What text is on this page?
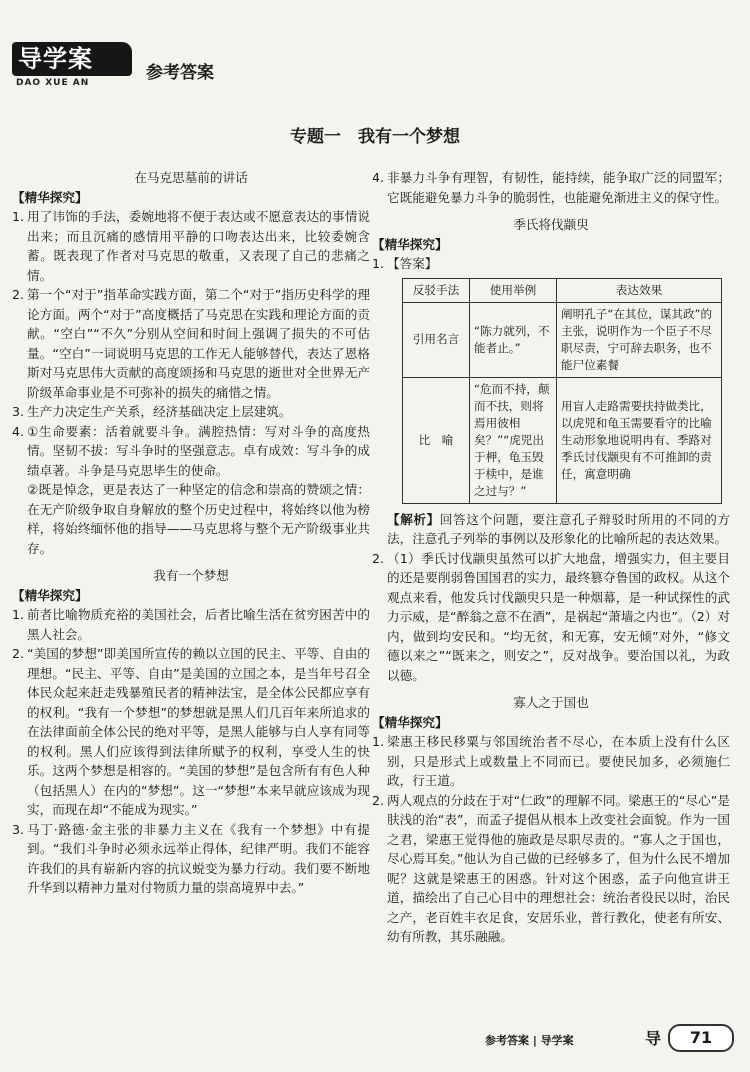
导学案
DAO XUE AN	参考答案
专题一　我有一个梦想

在马克思墓前的讲话

【精华探究】

1. 用了讳饰的手法，委婉地将不便于表达或不愿意表达的事情说出来；而且沉痛的感情用平静的口吻表达出来，比较委婉含蓄。既表现了作者对马克思的敬重，又表现了自己的悲痛之情。

2. 第一个“对于”指革命实践方面，第二个“对于”指历史科学的理论方面。两个“对于”高度概括了马克思在实践和理论方面的贡献。“空白”“不久”分别从空间和时间上强调了损失的不可估量。“空白”一词说明马克思的工作无人能够替代，表达了恩格斯对马克思伟大贡献的高度颂扬和马克思的逝世对全世界无产阶级革命事业是不可弥补的损失的痛惜之情。

3. 生产力决定生产关系，经济基础决定上层建筑。

4. ①生命要素：活着就要斗争。满腔热情：写对斗争的高度热情。坚韧不拔：写斗争时的坚强意志。卓有成效：写斗争的成绩卓著。斗争是马克思毕生的使命。

②既是悼念，更是表达了一种坚定的信念和崇高的赞颂之情：在无产阶级争取自身解放的整个历史过程中，将始终以他为榜样，将始终缅怀他的指导——马克思将与整个无产阶级事业共存。

我有一个梦想

【精华探究】

1. 前者比喻物质充裕的美国社会，后者比喻生活在贫穷困苦中的黑人社会。

2. “美国的梦想”即美国所宣传的赖以立国的民主、平等、自由的理想。“民主、平等、自由”是美国的立国之本，是当年号召全体民众起来赶走残暴殖民者的精神法宝，是全体公民都应享有的权利。“我有一个梦想”的梦想就是黑人们几百年来所追求的在法律面前全体公民的绝对平等，是黑人能够与白人享有同等的权利。黑人们应该得到法律所赋予的权利，享受人生的快乐。这两个梦想是相容的。“美国的梦想”是包含所有有色人种（包括黑人）在内的“梦想”。这一“梦想”本来早就应该成为现实，而现在却“不能成为现实。”

3. 马丁·路德·金主张的非暴力主义在《我有一个梦想》中有提到。“我们斗争时必须永远举止得体，纪律严明。我们不能容许我们的具有崭新内容的抗议蜕变为暴力行动。我们要不断地升华到以精神力量对付物质力量的崇高境界中去。”

4. 非暴力斗争有理智，有韧性，能持续，能争取广泛的同盟军；它既能避免暴力斗争的脆弱性，也能避免渐进主义的保守性。

季氏将伐颛臾

【精华探究】

1. 【答案】

反驳手法	使用举例	表达效果
引用名言	“陈力就列，不能者止。”	阐明孔子“在其位，谋其政”的主张，说明作为一个臣子不尽职尽责，宁可辞去职务，也不能尸位素餐
比　喻	“危而不持，颠而不扶，则将焉用彼相矣？”“虎兕出于柙，龟玉毁于椟中，是谁之过与？”	用盲人走路需要扶持做类比，以虎兕和龟玉需要看守的比喻生动形象地说明冉有、季路对季氏讨伐颛臾有不可推卸的责任，寓意明确

【解析】回答这个问题，要注意孔子辩驳时所用的不同的方法，注意孔子列举的事例以及形象化的比喻所起的表达效果。

2. （1）季氏讨伐颛臾虽然可以扩大地盘，增强实力，但主要目的还是要削弱鲁国国君的实力，最终篡夺鲁国的政权。从这个观点来看，他发兵讨伐颛臾只是一种烟幕，是一种试探性的武力示威，是“醉翁之意不在酒”，是祸起“萧墙之内也”。（2）对内，做到均安民和。“均无贫，和无寡，安无倾”对外，“修文德以来之”“既来之，则安之”，反对战争。要治国以礼，为政以德。

寡人之于国也

【精华探究】

1. 梁惠王移民移粟与邻国统治者不尽心，在本质上没有什么区别，只是形式上或数量上不同而已。要使民加多，必须施仁政，行王道。

2. 两人观点的分歧在于对“仁政”的理解不同。梁惠王的“尽心”是肤浅的治“表”，而孟子提倡从根本上改变社会面貌。作为一国之君，梁惠王觉得他的施政是尽职尽责的。“寡人之于国也，尽心焉耳矣。”他认为自己做的已经够多了，但为什么民不增加呢？这就是梁惠王的困惑。针对这个困惑，孟子向他宣讲王道，描绘出了自己心目中的理想社会：统治者役民以时，治民之产，老百姓丰衣足食，安居乐业，普行教化，使老有所安、幼有所教，其乐融融。

参考答案 | 导学案	导	71
